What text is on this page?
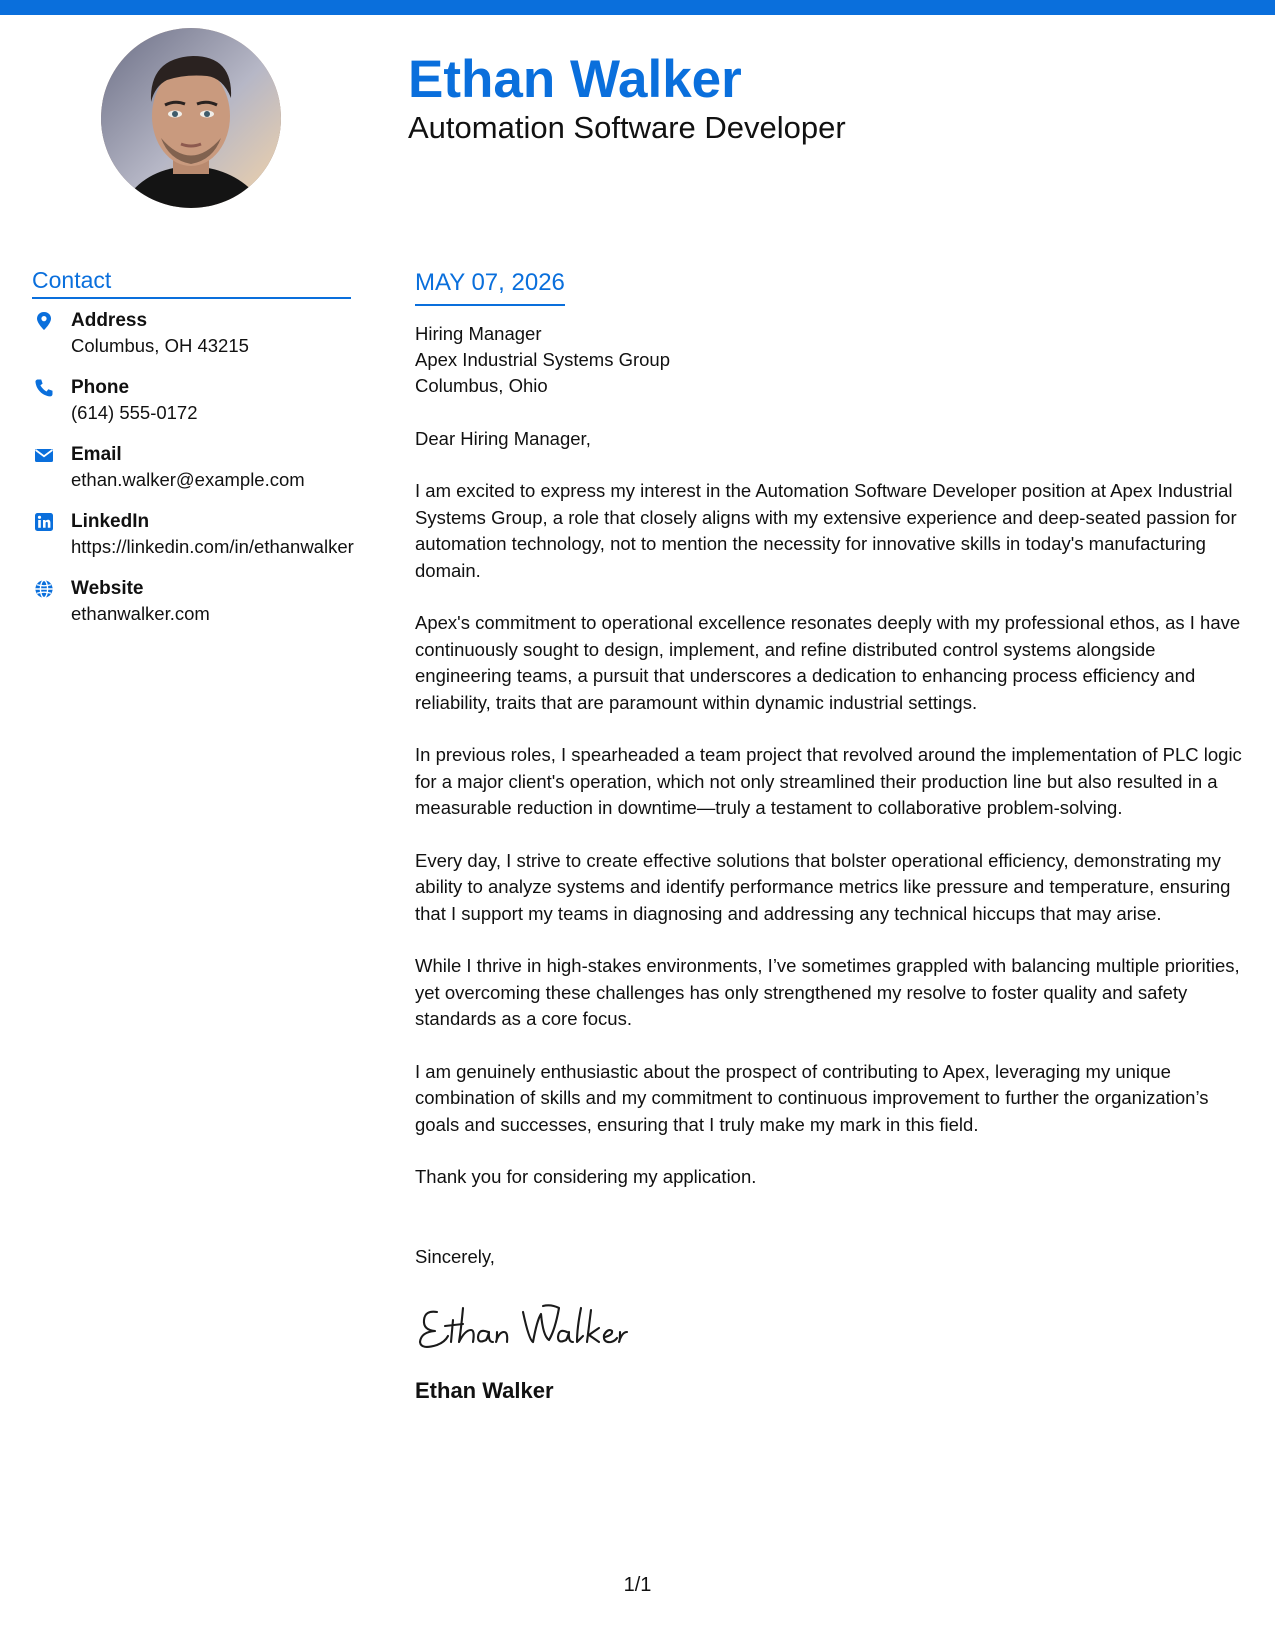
Ethan Walker
Automation Software Developer
Contact
Address
Columbus, OH 43215
Phone
(614) 555-0172
Email
ethan.walker@example.com
LinkedIn
https://linkedin.com/in/ethanwalker
Website
ethanwalker.com
MAY 07, 2026

Hiring Manager

Apex Industrial Systems Group

Columbus, Ohio

Dear Hiring Manager,

I am excited to express my interest in the Automation Software Developer position at Apex Industrial Systems Group, a role that closely aligns with my extensive experience and deep-seated passion for automation technology, not to mention the necessity for innovative skills in today's manufacturing domain.

Apex's commitment to operational excellence resonates deeply with my professional ethos, as I have continuously sought to design, implement, and refine distributed control systems alongside engineering teams, a pursuit that underscores a dedication to enhancing process efficiency and reliability, traits that are paramount within dynamic industrial settings.

In previous roles, I spearheaded a team project that revolved around the implementation of PLC logic for a major client's operation, which not only streamlined their production line but also resulted in a measurable reduction in downtime—truly a testament to collaborative problem-solving.

Every day, I strive to create effective solutions that bolster operational efficiency, demonstrating my ability to analyze systems and identify performance metrics like pressure and temperature, ensuring that I support my teams in diagnosing and addressing any technical hiccups that may arise.

While I thrive in high-stakes environments, I’ve sometimes grappled with balancing multiple priorities, yet overcoming these challenges has only strengthened my resolve to foster quality and safety standards as a core focus.

I am genuinely enthusiastic about the prospect of contributing to Apex, leveraging my unique combination of skills and my commitment to continuous improvement to further the organization’s goals and successes, ensuring that I truly make my mark in this field.

Thank you for considering my application.

Sincerely,

Ethan Walker

1/1
